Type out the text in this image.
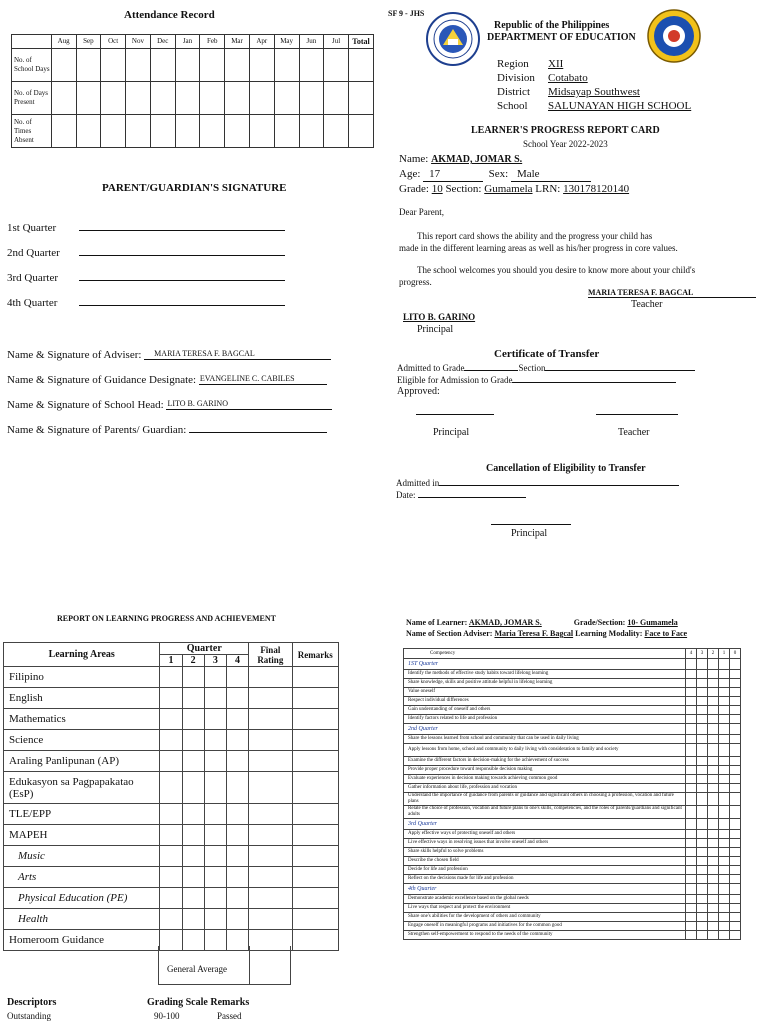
Attendance Record
	Aug	Sep	Oct	Nov	Dec	Jan	Feb	Mar	Apr	May	Jun	Jul	Total
No. of School Days													
No. of Days Present													
No. of Times Absent													
PARENT/GUARDIAN'S SIGNATURE
1st Quarter
2nd Quarter
3rd Quarter
4th Quarter
Name & Signature of Adviser: MARIA TERESA F. BAGCAL
Name & Signature of Guidance Designate: EVANGELINE C. CABILES
Name & Signature of School Head: LITO B. GARINO
Name & Signature of Parents/ Guardian:
SF 9 - JHS
Republic of the Philippines
DEPARTMENT OF EDUCATION
Region XII
Division Cotabato
District Midsayap Southwest
School SALUNAYAN HIGH SCHOOL
LEARNER'S PROGRESS REPORT CARD
School Year 2022-2023
Name: AKMAD, JOMAR S.
Age: 17	Sex: Male
Grade: 10 Section: Gumamela LRN: 130178120140
Dear Parent,
This report card shows the ability and the progress your child has
made in the different learning areas as well as his/her progress in core values.
The school welcomes you should you desire to know more about your child's
progress.
MARIA TERESA F. BAGCAL
Teacher
LITO B. GARINO
Principal
Certificate of Transfer
Admitted to Grade	Section
Eligible for Admission to Grade
Approved:
Principal	Teacher
Cancellation of Eligibility to Transfer
Admitted in
Date:
Principal
REPORT ON LEARNING PROGRESS AND ACHIEVEMENT
Learning Areas	Quarter				Final Rating	Remarks
	1	2	3	4		
Filipino						
English						
Mathematics						
Science						
Araling Panlipunan (AP)						
Edukasyon sa Pagpapakatao (EsP)						
TLE/EPP						
MAPEH						
Music						
Arts						
Physical Education (PE)						
Health						
Homeroom Guidance						
General Average
Descriptors	Grading Scale Remarks
Outstanding	90-100	Passed
Name of Learner: AKMAD, JOMAR S.	Grade/Section: 10- Gumamela
Name of Section Adviser: Maria Teresa F. Bagcal Learning Modality: Face to Face
Competency	4	3	2	1	0
1ST Quarter					
Identify the methods of effective study habits toward lifelong learning					
Share knowledge, skills and positive attitude helpful in lifelong learning					
Value oneself					
Respect individual differences					
Gain understanding of oneself and others					
Identify factors related to life and profession					
2nd Quarter					
Share the lessons learned from school and community that can be used in daily living					
Apply lessons from home, school and community to daily living with consideration to family and society					
Examine the different factors in decision-making for the achievement of success					
Provide proper procedure toward responsible decision making					
Evaluate experiences in decision making towards achieving common good					
Gather information about life, profession and vocation					
Understand the importance of guidance from parents or guidance and significant others in choosing a profession, vocation and future plans					
Relate the choice of profession, vocation and future plans to one's skills, competencies, and the roles of parents/guardians and significant adults					
3rd Quarter					
Apply effective ways of protecting oneself and others					
Live effective ways in resolving issues that involve oneself and others					
Share skills helpful to solve problems					
Describe the chosen field					
Decide for life and profession					
Reflect on the decisions made for life and profession					
4th Quarter					
Demonstrate academic excellence based on the global needs					
Live ways that respect and protect the environment					
Share one's abilities for the development of others and community					
Engage oneself in meaningful programs and initiatives for the common good					
Strengthen self-empowerment to respond to the needs of the community					
